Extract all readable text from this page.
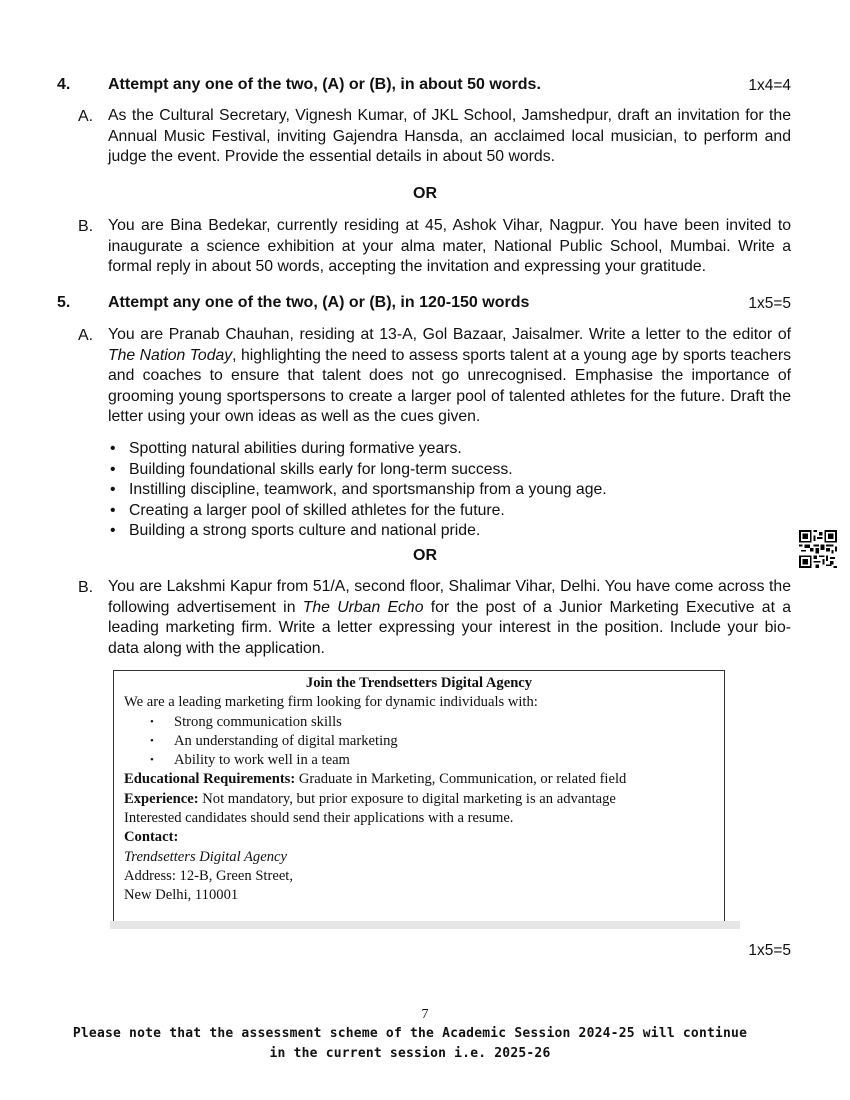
4. Attempt any one of the two, (A) or (B), in about 50 words.	1x4=4
A. As the Cultural Secretary, Vignesh Kumar, of JKL School, Jamshedpur, draft an invitation for the Annual Music Festival, inviting Gajendra Hansda, an acclaimed local musician, to perform and judge the event. Provide the essential details in about 50 words.
OR
B. You are Bina Bedekar, currently residing at 45, Ashok Vihar, Nagpur. You have been invited to inaugurate a science exhibition at your alma mater, National Public School, Mumbai. Write a formal reply in about 50 words, accepting the invitation and expressing your gratitude.
5. Attempt any one of the two, (A) or (B), in 120-150 words	1x5=5
A. You are Pranab Chauhan, residing at 13-A, Gol Bazaar, Jaisalmer. Write a letter to the editor of The Nation Today, highlighting the need to assess sports talent at a young age by sports teachers and coaches to ensure that talent does not go unrecognised. Emphasise the importance of grooming young sportspersons to create a larger pool of talented athletes for the future. Draft the letter using your own ideas as well as the cues given.
• Spotting natural abilities during formative years.
• Building foundational skills early for long-term success.
• Instilling discipline, teamwork, and sportsmanship from a young age.
• Creating a larger pool of skilled athletes for the future.
• Building a strong sports culture and national pride.
OR
B. You are Lakshmi Kapur from 51/A, second floor, Shalimar Vihar, Delhi. You have come across the following advertisement in The Urban Echo for the post of a Junior Marketing Executive at a leading marketing firm. Write a letter expressing your interest in the position. Include your bio-data along with the application.
Join the Trendsetters Digital Agency
We are a leading marketing firm looking for dynamic individuals with:
• Strong communication skills
• An understanding of digital marketing
• Ability to work well in a team
Educational Requirements: Graduate in Marketing, Communication, or related field
Experience: Not mandatory, but prior exposure to digital marketing is an advantage
Interested candidates should send their applications with a resume.
Contact:
Trendsetters Digital Agency
Address: 12-B, Green Street,
New Delhi, 110001
1x5=5
7
Please note that the assessment scheme of the Academic Session 2024-25 will continue
in the current session i.e. 2025-26
